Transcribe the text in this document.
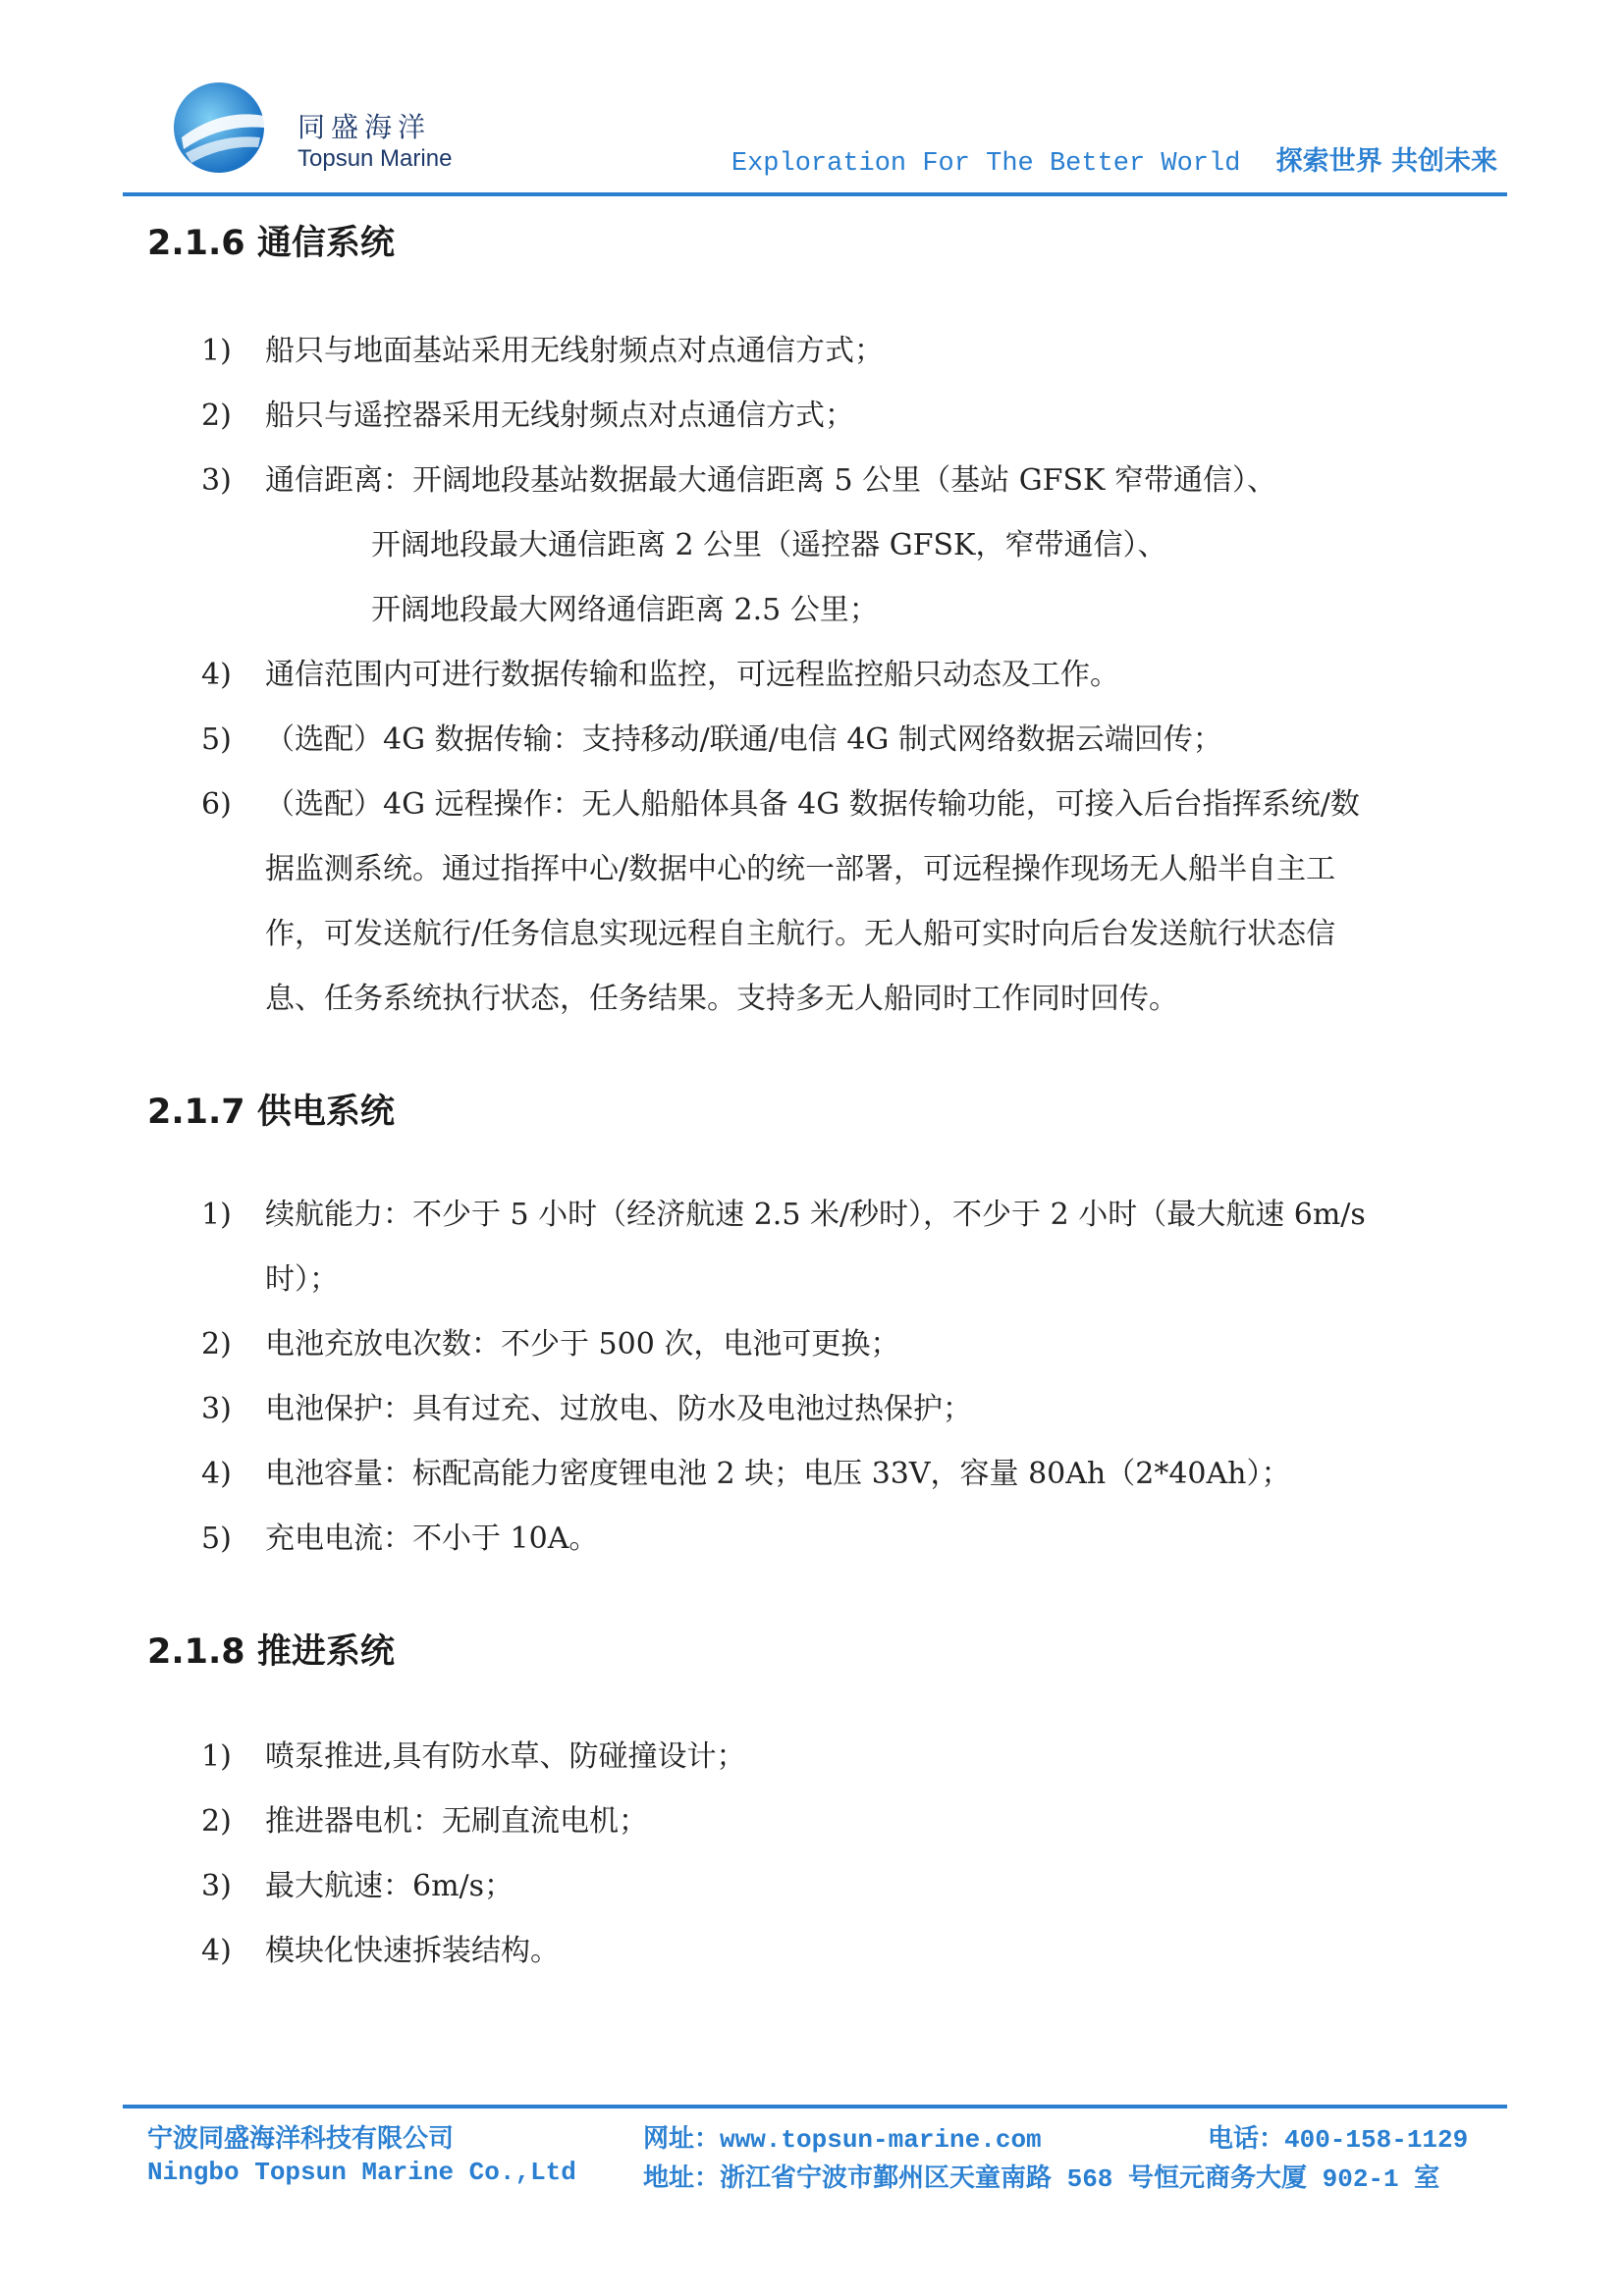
同盛海洋
Topsun Marine	Exploration For The Better World 探索世界 共创未来
2.1.6 通信系统
1) 船只与地面基站采用无线射频点对点通信方式；
2) 船只与遥控器采用无线射频点对点通信方式；
3) 通信距离：开阔地段基站数据最大通信距离 5 公里（基站 GFSK 窄带通信）、
开阔地段最大通信距离 2 公里（遥控器 GFSK，窄带通信）、
开阔地段最大网络通信距离 2.5 公里；
4) 通信范围内可进行数据传输和监控，可远程监控船只动态及工作。
5) （选配）4G 数据传输：支持移动/联通/电信 4G 制式网络数据云端回传；
6) （选配）4G 远程操作：无人船船体具备 4G 数据传输功能，可接入后台指挥系统/数
据监测系统。通过指挥中心/数据中心的统一部署，可远程操作现场无人船半自主工
作，可发送航行/任务信息实现远程自主航行。无人船可实时向后台发送航行状态信
息、任务系统执行状态，任务结果。支持多无人船同时工作同时回传。
2.1.7 供电系统
1) 续航能力：不少于 5 小时（经济航速 2.5 米/秒时），不少于 2 小时（最大航速 6m/s
时）；
2) 电池充放电次数：不少于 500 次，电池可更换；
3) 电池保护：具有过充、过放电、防水及电池过热保护；
4) 电池容量：标配高能力密度锂电池 2 块；电压 33V，容量 80Ah（2*40Ah）；
5) 充电电流：不小于 10A。
2.1.8 推进系统
1) 喷泵推进,具有防水草、防碰撞设计；
2) 推进器电机：无刷直流电机；
3) 最大航速：6m/s；
4) 模块化快速拆装结构。
宁波同盛海洋科技有限公司
Ningbo Topsun Marine Co.,Ltd
网址：www.topsun-marine.com
地址：浙江省宁波市鄞州区天童南路 568 号恒元商务大厦 902-1 室
电话：400-158-1129
